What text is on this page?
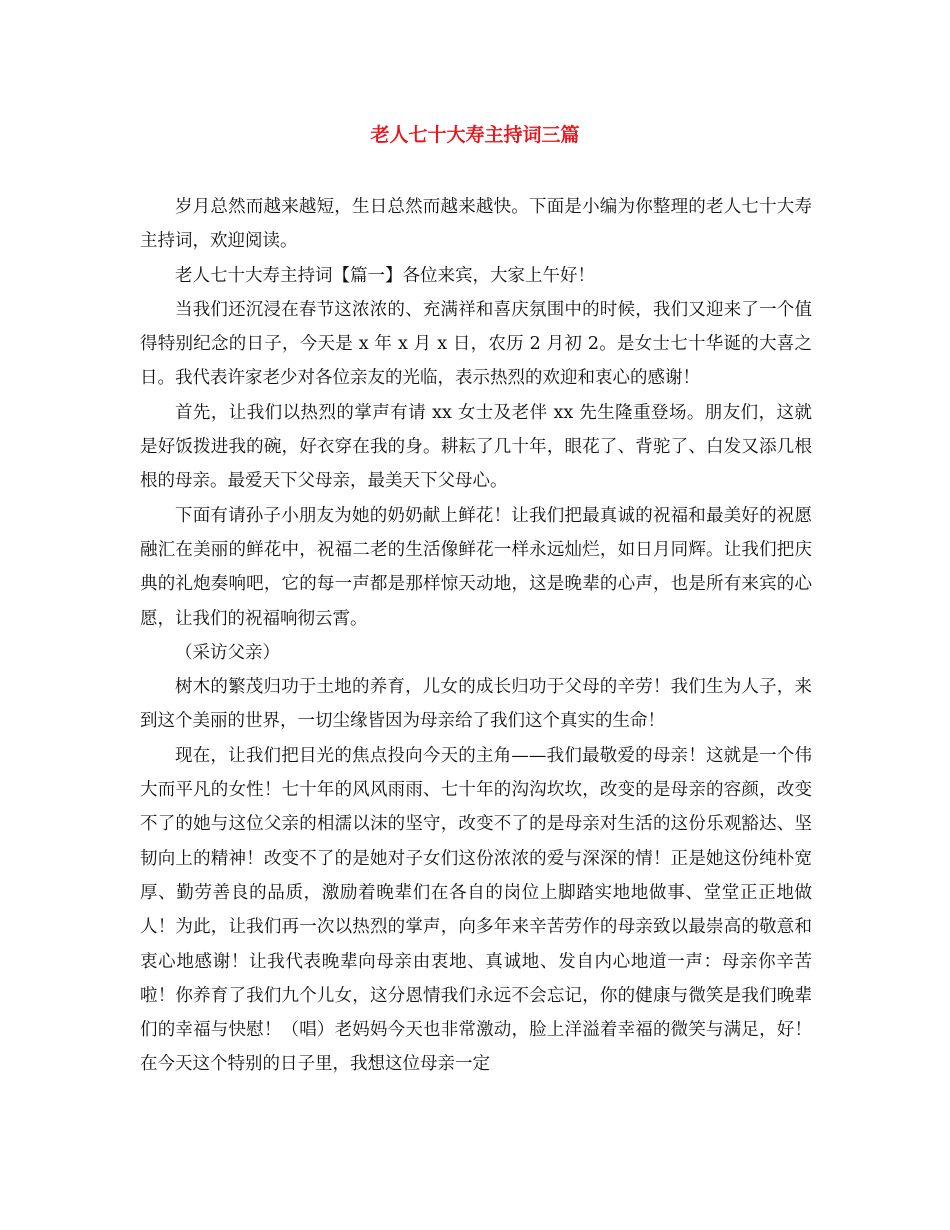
老人七十大寿主持词三篇

岁月总然而越来越短，生日总然而越来越快。下面是小编为你整理的老人七十大寿主持词，欢迎阅读。

老人七十大寿主持词【篇一】各位来宾，大家上午好！

当我们还沉浸在春节这浓浓的、充满祥和喜庆氛围中的时候，我们又迎来了一个值得特别纪念的日子，今天是 x 年 x 月 x 日，农历 2 月初 2。是女士七十华诞的大喜之日。我代表许家老少对各位亲友的光临，表示热烈的欢迎和衷心的感谢！

首先，让我们以热烈的掌声有请 xx 女士及老伴 xx 先生隆重登场。朋友们，这就是好饭拨进我的碗，好衣穿在我的身。耕耘了几十年，眼花了、背驼了、白发又添几根根的母亲。最爱天下父母亲，最美天下父母心。

下面有请孙子小朋友为她的奶奶献上鲜花！让我们把最真诚的祝福和最美好的祝愿融汇在美丽的鲜花中，祝福二老的生活像鲜花一样永远灿烂，如日月同辉。让我们把庆典的礼炮奏响吧，它的每一声都是那样惊天动地，这是晚辈的心声，也是所有来宾的心愿，让我们的祝福响彻云霄。

（采访父亲）

树木的繁茂归功于土地的养育，儿女的成长归功于父母的辛劳！我们生为人子，来到这个美丽的世界，一切尘缘皆因为母亲给了我们这个真实的生命！

现在，让我们把目光的焦点投向今天的主角——我们最敬爱的母亲！这就是一个伟大而平凡的女性！七十年的风风雨雨、七十年的沟沟坎坎，改变的是母亲的容颜，改变不了的她与这位父亲的相濡以沫的坚守，改变不了的是母亲对生活的这份乐观豁达、坚韧向上的精神！改变不了的是她对子女们这份浓浓的爱与深深的情！正是她这份纯朴宽厚、勤劳善良的品质，激励着晚辈们在各自的岗位上脚踏实地地做事、堂堂正正地做人！为此，让我们再一次以热烈的掌声，向多年来辛苦劳作的母亲致以最崇高的敬意和衷心地感谢！让我代表晚辈向母亲由衷地、真诚地、发自内心地道一声：母亲你辛苦啦！你养育了我们九个儿女，这分恩情我们永远不会忘记，你的健康与微笑是我们晚辈们的幸福与快慰！（唱）老妈妈今天也非常激动，脸上洋溢着幸福的微笑与满足，好！在今天这个特别的日子里，我想这位母亲一定
